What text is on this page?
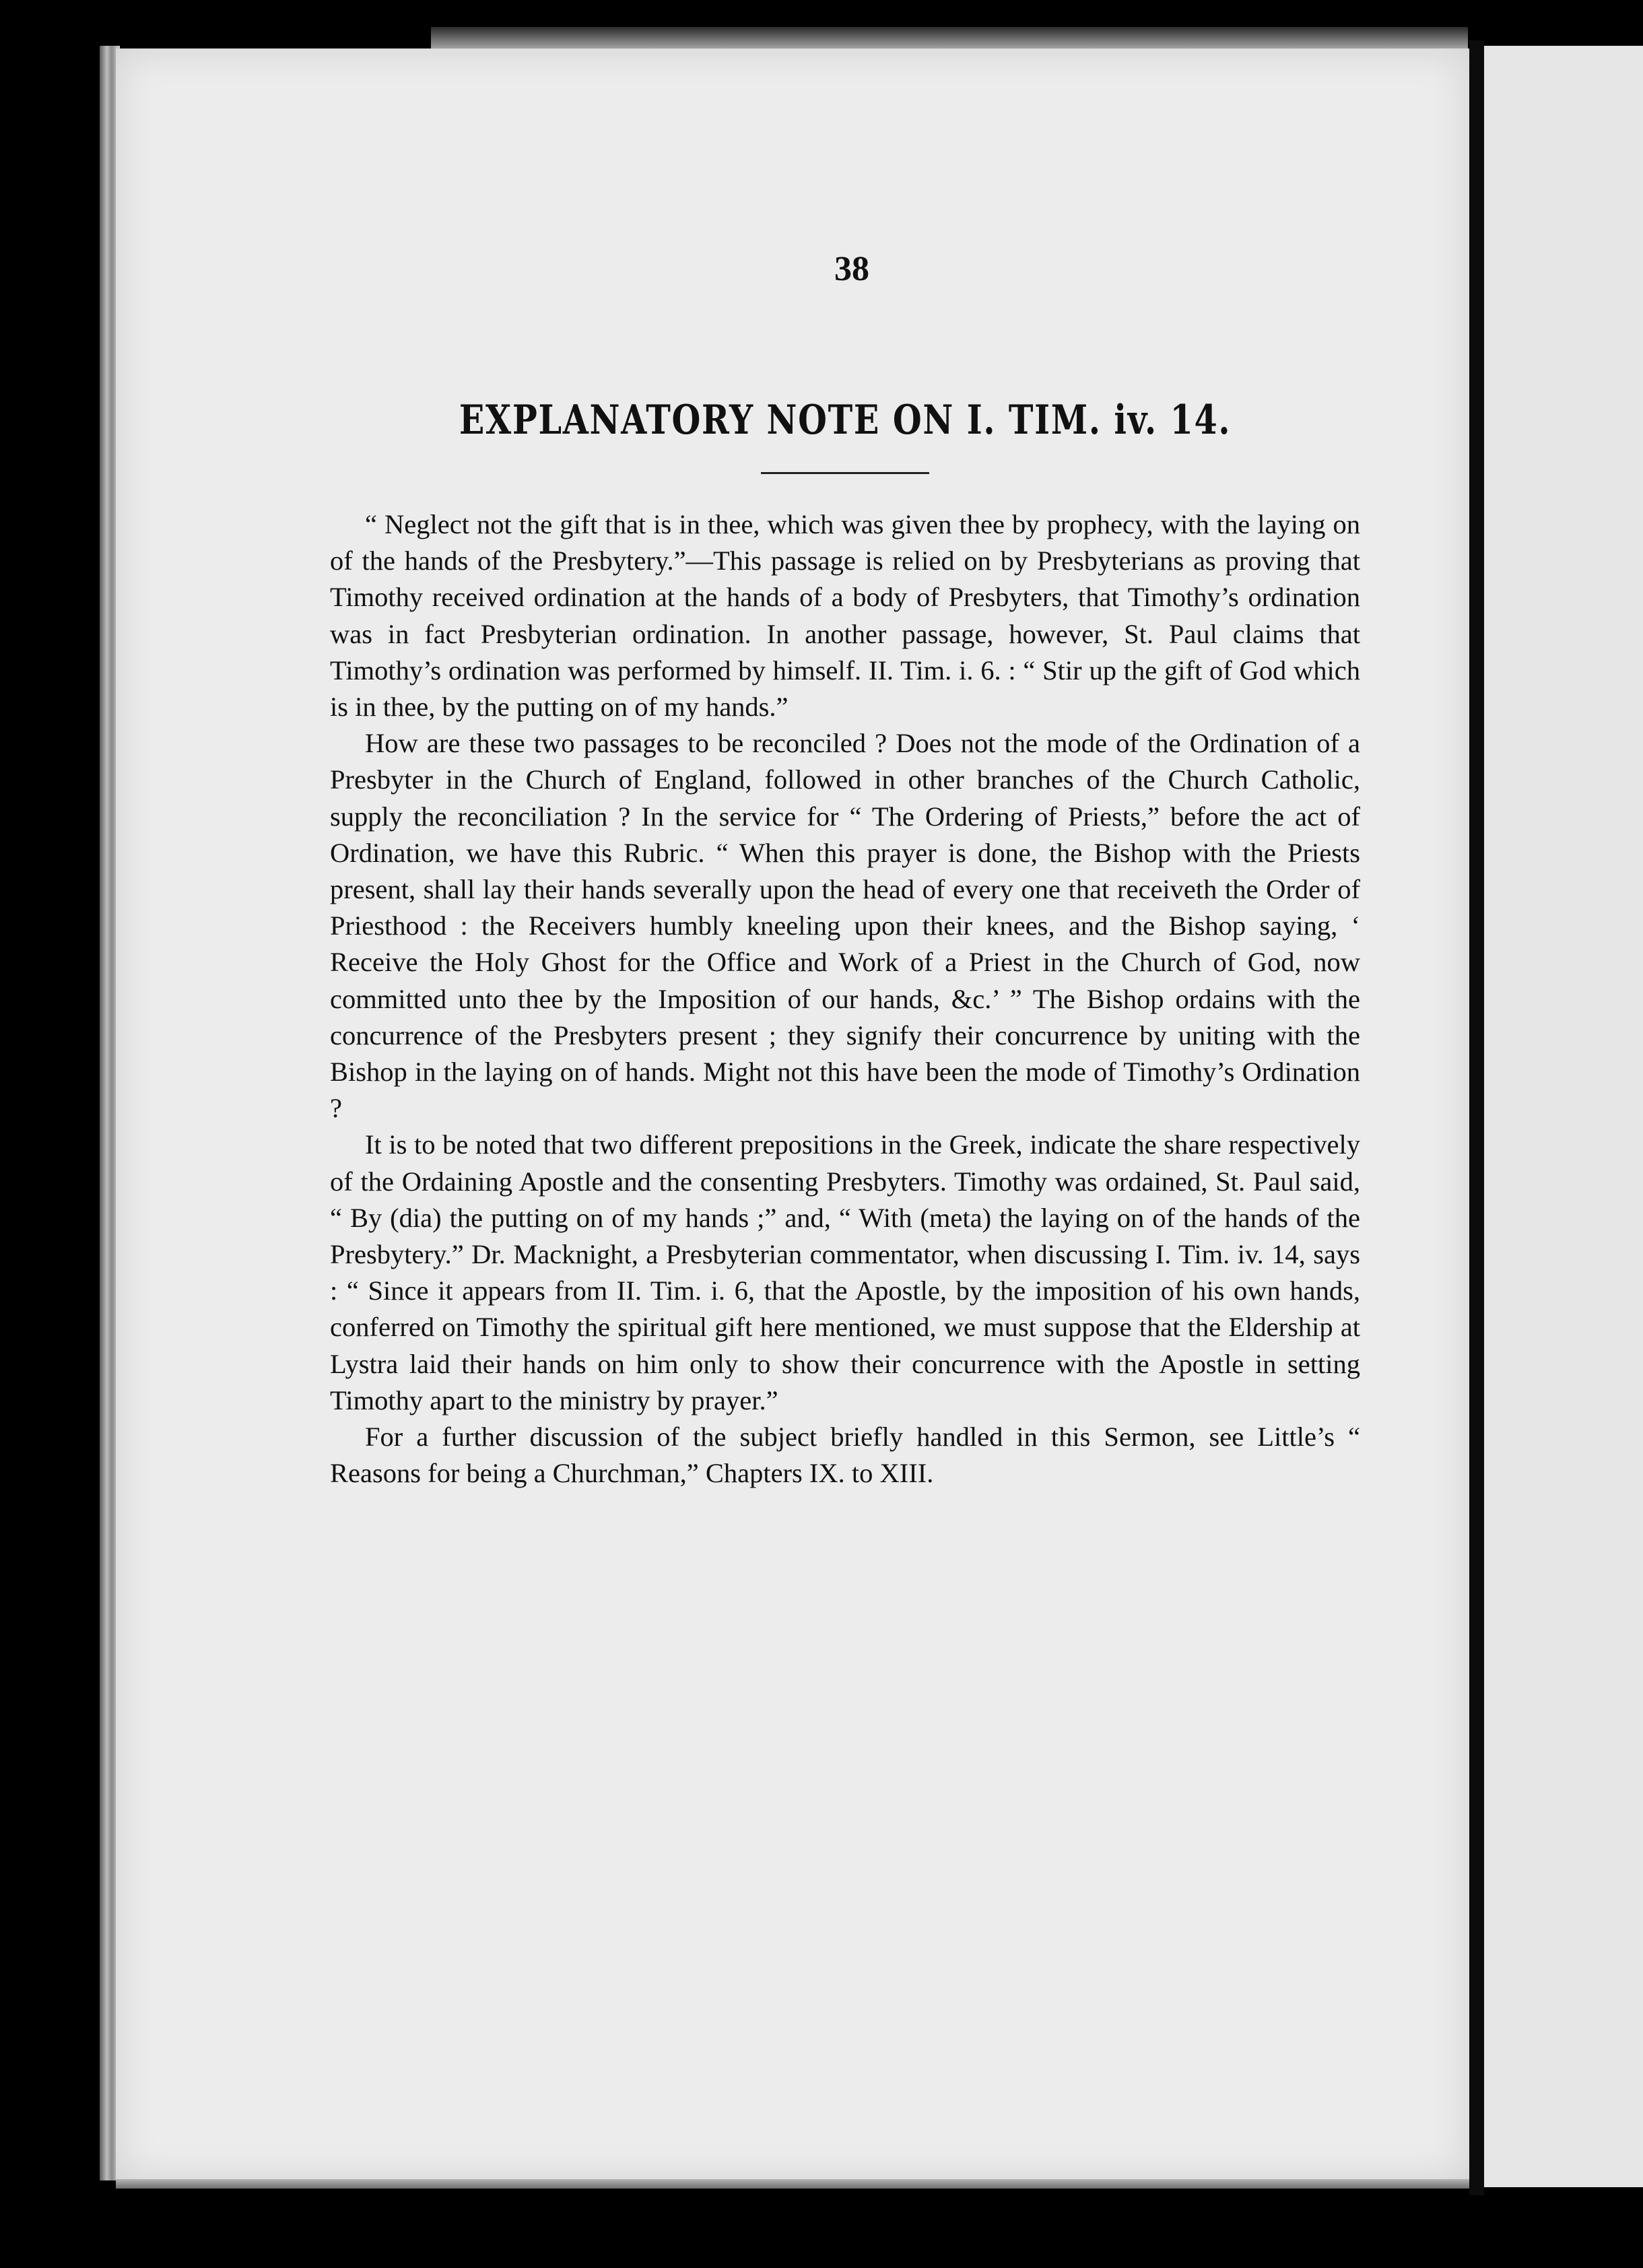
38
EXPLANATORY NOTE ON I. TIM. iv. 14.

“ Neglect not the gift that is in thee, which was given thee by prophecy, with the laying on of the hands of the Presbytery.”—This passage is relied on by Presbyterians as proving that Timothy received ordination at the hands of a body of Presbyters, that Timothy’s ordination was in fact Presbyterian ordination. In another passage, however, St. Paul claims that Timothy’s ordination was performed by himself. II. Tim. i. 6. : “ Stir up the gift of God which is in thee, by the putting on of my hands.”

How are these two passages to be reconciled ? Does not the mode of the Ordination of a Presbyter in the Church of England, followed in other branches of the Church Catholic, supply the reconciliation ? In the service for “ The Ordering of Priests,” before the act of Ordination, we have this Rubric. “ When this prayer is done, the Bishop with the Priests present, shall lay their hands severally upon the head of every one that receiveth the Order of Priesthood : the Receivers humbly kneeling upon their knees, and the Bishop saying, ‘ Receive the Holy Ghost for the Office and Work of a Priest in the Church of God, now committed unto thee by the Imposition of our hands, &c.’ ” The Bishop ordains with the concurrence of the Presbyters present ; they signify their concurrence by uniting with the Bishop in the laying on of hands. Might not this have been the mode of Timothy’s Ordination ?

It is to be noted that two different prepositions in the Greek, indicate the share respectively of the Ordaining Apostle and the consenting Presbyters. Timothy was ordained, St. Paul said, “ By (dia) the putting on of my hands ;” and, “ With (meta) the laying on of the hands of the Presbytery.” Dr. Macknight, a Presbyterian commentator, when discussing I. Tim. iv. 14, says : “ Since it appears from II. Tim. i. 6, that the Apostle, by the imposition of his own hands, conferred on Timothy the spiritual gift here mentioned, we must suppose that the Eldership at Lystra laid their hands on him only to show their concurrence with the Apostle in setting Timothy apart to the ministry by prayer.”

For a further discussion of the subject briefly handled in this Sermon, see Little’s “ Reasons for being a Churchman,” Chapters IX. to XIII.
